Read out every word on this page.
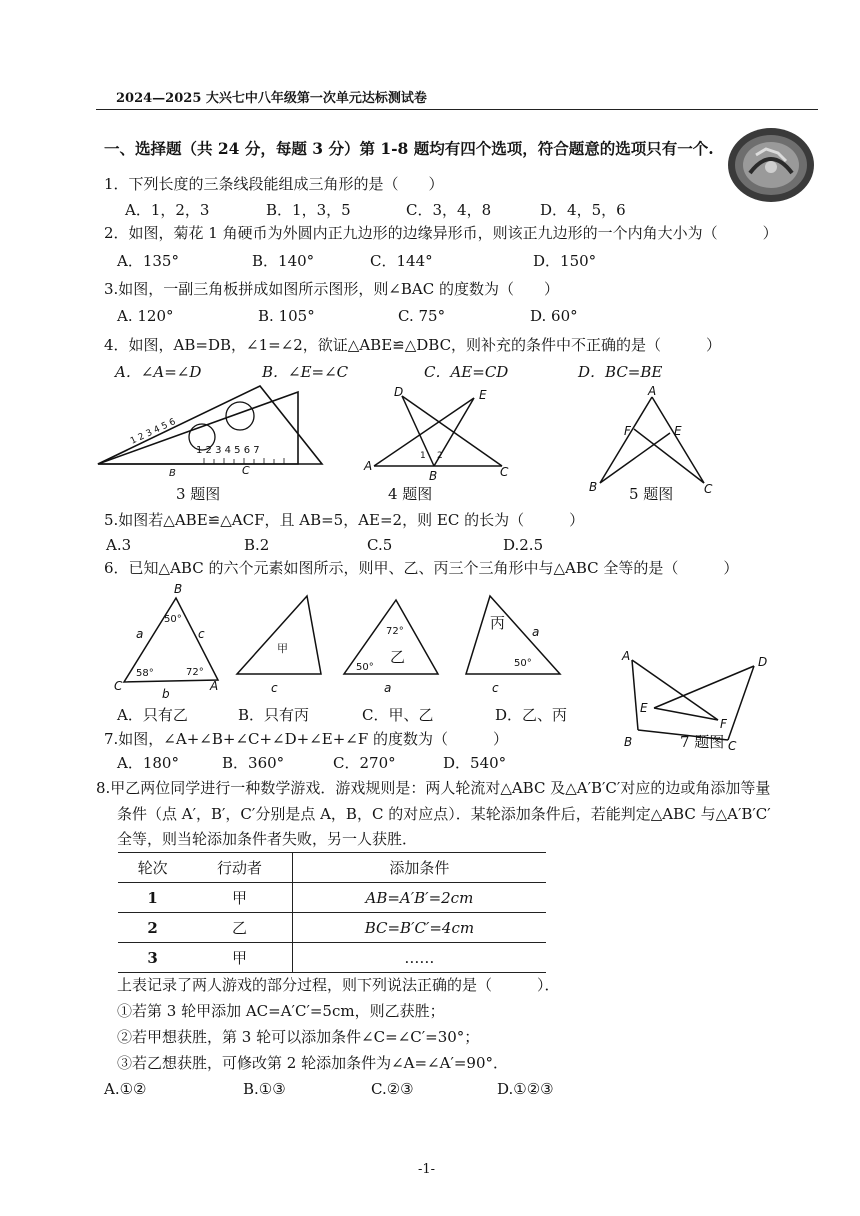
2024—2025 大兴七中八年级第一次单元达标测试卷
一、选择题（共 24 分，每题 3 分）第 1-8 题均有四个选项，符合题意的选项只有一个.
1．下列长度的三条线段能组成三角形的是（　　）
A．1，2，3	B．1，3，5	C．3，4，8	D．4，5，6
2．如图，菊花 1 角硬币为外圆内正九边形的边缘异形币，则该正九边形的一个内角大小为（　　　）
A．135°	B．140°	C．144°	D．150°
3.如图，一副三角板拼成如图所示图形，则∠BAC 的度数为（　　）
A. 120°	B. 105°	C. 75°	D. 60°
4．如图，AB=DB，∠1=∠2，欲证△ABE≌△DBC，则补充的条件中不正确的是（　　　）
A．∠A=∠D	B．∠E=∠C	C．AE=CD	D．BC=BE
1 2 3 4 5 6 7
1 2 3 4 5 6
B	C
3 题图
D	E
A
B	C
1 2
4 题图
A
F	E
B	C
5 题图
5.如图若△ABE≌△ACF，且 AB=5，AE=2，则 EC 的长为（　　　）
A.3	B.2	C.5	D.2.5
6．已知△ABC 的六个元素如图所示，则甲、乙、丙三个三角形中与△ABC 全等的是（　　　）
B
C	A
a	c
b
50°
58°	72°
甲
c
72°
乙
50°
a
丙 a
50°
c
A
B	C
D
E
F
7 题图
A．只有乙	B．只有丙	C．甲、乙	D．乙、丙
7.如图，∠A+∠B+∠C+∠D+∠E+∠F 的度数为（　　　）
A．180°	B．360°	C．270°	D．540°
8.甲乙两位同学进行一种数学游戏．游戏规则是：两人轮流对△ABC 及△A′B′C′对应的边或角添加等量
条件（点 A′，B′，C′分别是点 A，B，C 的对应点）．某轮添加条件后，若能判定△ABC 与△A′B′C′
全等，则当轮添加条件者失败，另一人获胜．
轮次	行动者	添加条件
1	甲	AB=A′B′=2cm
2	乙	BC=B′C′=4cm
3	甲	……
上表记录了两人游戏的部分过程，则下列说法正确的是（　　　）．
①若第 3 轮甲添加 AC=A′C′=5cm，则乙获胜；
②若甲想获胜，第 3 轮可以添加条件∠C=∠C′=30°；
③若乙想获胜，可修改第 2 轮添加条件为∠A=∠A′=90°．
A.①②	B.①③	C.②③	D.①②③
-1-
